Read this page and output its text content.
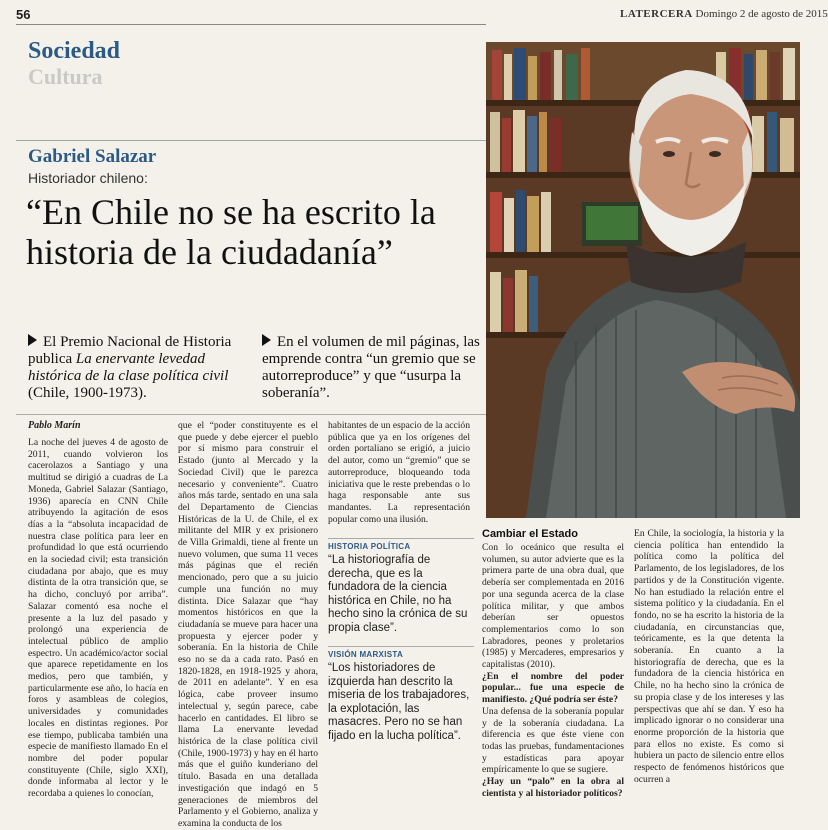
56	LATERCERA Domingo 2 de agosto de 2015
Sociedad
Cultura
Gabriel Salazar
Historiador chileno:
“En Chile no se ha escrito la historia de la ciudadanía”
El Premio Nacional de Historia publica La enervante levedad histórica de la clase política civil (Chile, 1900-1973).
En el volumen de mil páginas, las emprende contra “un gremio que se autorreproduce” y que “usurpa la soberanía”.
Pablo Marín

La noche del jueves 4 de agosto de 2011, cuando volvieron los cacerolazos a Santiago y una multitud se dirigió a cuadras de La Moneda, Gabriel Salazar (Santiago, 1936) aparecía en CNN Chile atribuyendo la agitación de esos días a la “absoluta incapacidad de nuestra clase política para leer en profundidad lo que está ocurriendo en la sociedad civil; esta transición ciudadana por abajo, que es muy distinta de la otra transición que, se ha dicho, concluyó por arriba”. Salazar comentó esa noche el presente a la luz del pasado y prolongó una experiencia de intelectual público de amplio espectro. Un académico/actor social que aparece repetidamente en los medios, pero que también, y particularmente ese año, lo hacía en foros y asambleas de colegios, universidades y comunidades locales en distintas regiones. Por ese tiempo, publicaba también una especie de manifiesto llamado En el nombre del poder popular constituyente (Chile, siglo XXI), donde informaba al lector y le recordaba a quienes lo conocían,

que el “poder constituyente es el que puede y debe ejercer el pueblo por sí mismo para construir el Estado (junto al Mercado y la Sociedad Civil) que le parezca necesario y conveniente”. Cuatro años más tarde, sentado en una sala del Departamento de Ciencias Históricas de la U. de Chile, el ex militante del MIR y ex prisionero de Villa Grimaldi, tiene al frente un nuevo volumen, que suma 11 veces más páginas que el recién mencionado, pero que a su juicio cumple una función no muy distinta. Dice Salazar que “hay momentos históricos en que la ciudadanía se mueve para hacer una propuesta y ejercer poder y soberanía. En la historia de Chile eso no se da a cada rato. Pasó en 1820-1828, en 1918-1925 y ahora, de 2011 en adelante”. Y en esa lógica, cabe proveer insumo intelectual y, según parece, cabe hacerlo en cantidades. El libro se llama La enervante levedad histórica de la clase política civil (Chile, 1900-1973) y hay en él harto más que el guiño kunderiano del título. Basada en una detallada investigación que indagó en 5 generaciones de miembros del Parlamento y el Gobierno, analiza y examina la conducta de los

habitantes de un espacio de la acción pública que ya en los orígenes del orden portaliano se erigió, a juicio del autor, como un “gremio” que se autorreproduce, bloqueando toda iniciativa que le reste prebendas o lo haga responsable ante sus mandantes. La representación popular como una ilusión.

HISTORIA POLÍTICA
“La historiografía de derecha, que es la fundadora de la ciencia histórica en Chile, no ha hecho sino la crónica de su propia clase”.
VISIÓN MARXISTA
“Los historiadores de izquierda han descrito la miseria de los trabajadores, la explotación, las masacres. Pero no se han fijado en la lucha política”.
Cambiar el Estado

Con lo oceánico que resulta el volumen, su autor advierte que es la primera parte de una obra dual, que debería ser complementada en 2016 por una segunda acerca de la clase política militar, y que ambos deberían ser opuestos complementarios como lo son Labradores, peones y proletarios (1985) y Mercaderes, empresarios y capitalistas (2010).

¿En el nombre del poder popular... fue una especie de manifiesto. ¿Qué podría ser éste?

Una defensa de la soberanía popular y de la soberanía ciudadana. La diferencia es que éste viene con todas las pruebas, fundamentaciones y estadísticas para apoyar empíricamente lo que se sugiere.

¿Hay un “palo” en la obra al cientista y al historiador políticos?

En Chile, la sociología, la historia y la ciencia política han entendido la política como la política del Parlamento, de los legisladores, de los partidos y de la Constitución vigente. No han estudiado la relación entre el sistema político y la ciudadanía. En el fondo, no se ha escrito la historia de la ciudadanía, en circunstancias que, teóricamente, es la que detenta la soberanía. En cuanto a la historiografía de derecha, que es la fundadora de la ciencia histórica en Chile, no ha hecho sino la crónica de su propia clase y de los intereses y las perspectivas que ahí se dan. Y eso ha implicado ignorar o no considerar una enorme proporción de la historia que para ellos no existe. Es como si hubiera un pacto de silencio entre ellos respecto de fenómenos históricos que ocurren a
